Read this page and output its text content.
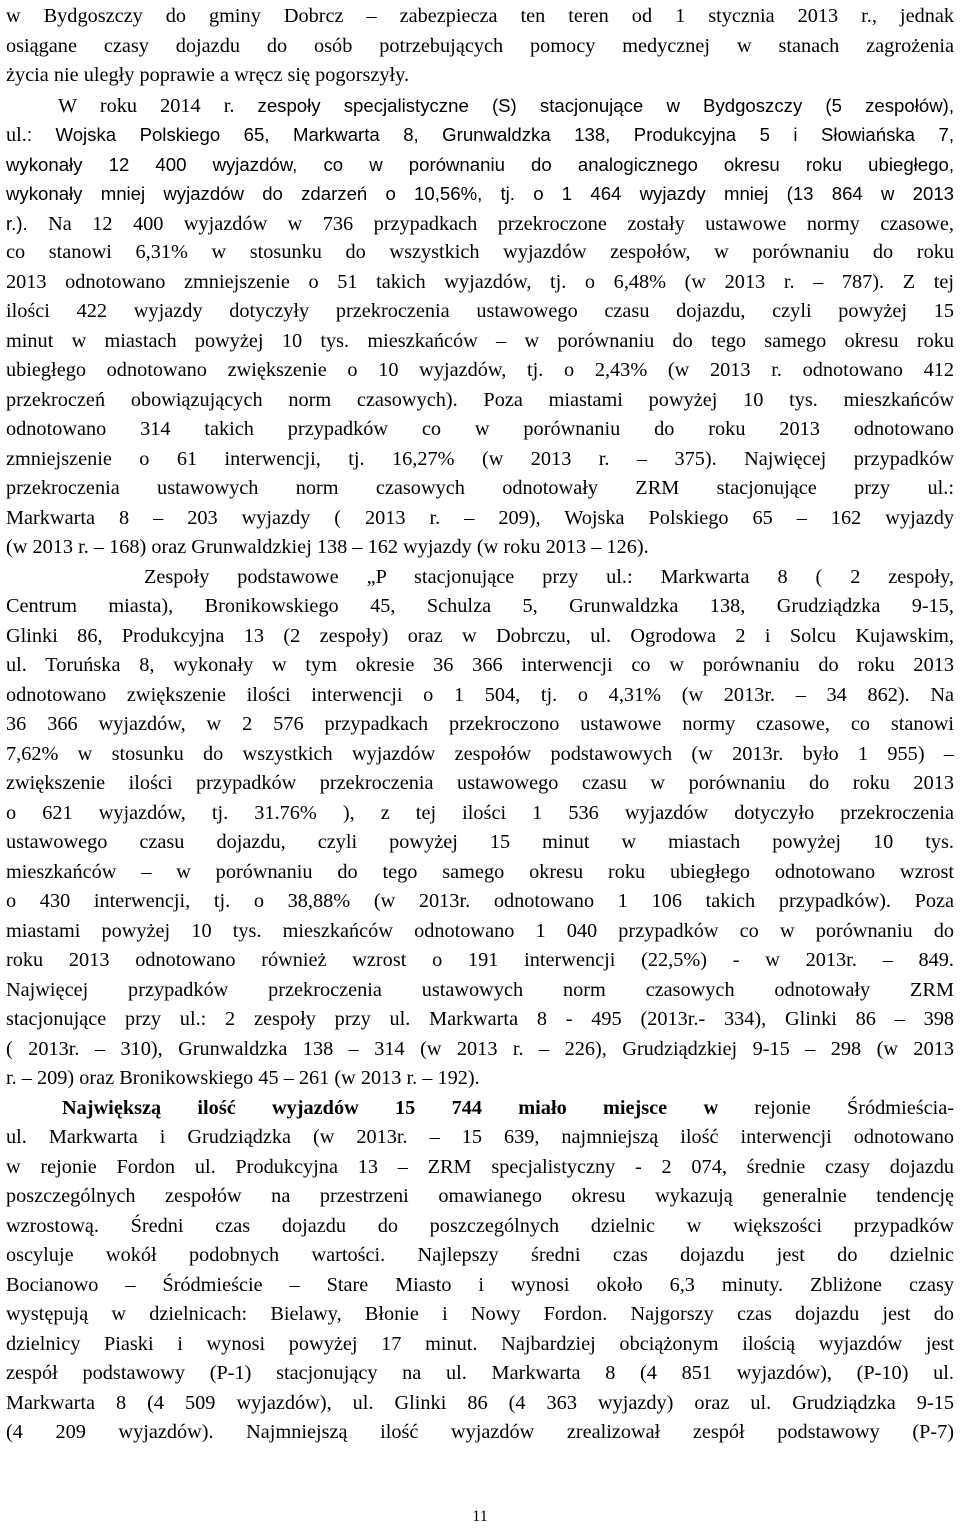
w Bydgoszczy do gminy Dobrcz – zabezpiecza ten teren od 1 stycznia 2013 r., jednak
osiągane czasy dojazdu do osób potrzebujących pomocy medycznej w stanach zagrożenia
życia nie uległy poprawie a wręcz się pogorszyły.
W roku 2014 r. zespoły specjalistyczne (S) stacjonujące w Bydgoszczy (5 zespołów),
ul.: Wojska Polskiego 65, Markwarta 8, Grunwaldzka 138, Produkcyjna 5 i Słowiańska 7,
wykonały 12 400 wyjazdów, co w porównaniu do analogicznego okresu roku ubiegłego,
wykonały mniej wyjazdów do zdarzeń o 10,56%, tj. o 1 464 wyjazdy mniej (13 864 w 2013
r.). Na 12 400 wyjazdów w 736 przypadkach przekroczone zostały ustawowe normy czasowe,
co stanowi 6,31% w stosunku do wszystkich wyjazdów zespołów, w porównaniu do roku
2013 odnotowano zmniejszenie o 51 takich wyjazdów, tj. o 6,48% (w 2013 r. – 787). Z tej
ilości 422 wyjazdy dotyczyły przekroczenia ustawowego czasu dojazdu, czyli powyżej 15
minut w miastach powyżej 10 tys. mieszkańców – w porównaniu do tego samego okresu roku
ubiegłego odnotowano zwiększenie o 10 wyjazdów, tj. o 2,43% (w 2013 r. odnotowano 412
przekroczeń obowiązujących norm czasowych). Poza miastami powyżej 10 tys. mieszkańców
odnotowano 314 takich przypadków co w porównaniu do roku 2013 odnotowano
zmniejszenie o 61 interwencji, tj. 16,27% (w 2013 r. – 375). Najwięcej przypadków
przekroczenia ustawowych norm czasowych odnotowały ZRM stacjonujące przy ul.:
Markwarta 8 – 203 wyjazdy ( 2013 r. – 209), Wojska Polskiego 65 – 162 wyjazdy
(w 2013 r. – 168) oraz Grunwaldzkiej 138 – 162 wyjazdy (w roku 2013 – 126).
Zespoły podstawowe „P stacjonujące przy ul.: Markwarta 8 ( 2 zespoły,
Centrum miasta), Bronikowskiego 45, Schulza 5, Grunwaldzka 138, Grudziądzka 9-15,
Glinki 86, Produkcyjna 13 (2 zespoły) oraz w Dobrczu, ul. Ogrodowa 2 i Solcu Kujawskim,
ul. Toruńska 8, wykonały w tym okresie 36 366 interwencji co w porównaniu do roku 2013
odnotowano zwiększenie ilości interwencji o 1 504, tj. o 4,31% (w 2013r. – 34 862). Na
36 366 wyjazdów, w 2 576 przypadkach przekroczono ustawowe normy czasowe, co stanowi
7,62% w stosunku do wszystkich wyjazdów zespołów podstawowych (w 2013r. było 1 955) –
zwiększenie ilości przypadków przekroczenia ustawowego czasu w porównaniu do roku 2013
o 621 wyjazdów, tj. 31.76% ), z tej ilości 1 536 wyjazdów dotyczyło przekroczenia
ustawowego czasu dojazdu, czyli powyżej 15 minut w miastach powyżej 10 tys.
mieszkańców – w porównaniu do tego samego okresu roku ubiegłego odnotowano wzrost
o 430 interwencji, tj. o 38,88% (w 2013r. odnotowano 1 106 takich przypadków). Poza
miastami powyżej 10 tys. mieszkańców odnotowano 1 040 przypadków co w porównaniu do
roku 2013 odnotowano również wzrost o 191 interwencji (22,5%) - w 2013r. – 849.
Najwięcej przypadków przekroczenia ustawowych norm czasowych odnotowały ZRM
stacjonujące przy ul.: 2 zespoły przy ul. Markwarta 8 - 495 (2013r.- 334), Glinki 86 – 398
( 2013r. – 310), Grunwaldzka 138 – 314 (w 2013 r. – 226), Grudziądzkiej 9-15 – 298 (w 2013
r. – 209) oraz Bronikowskiego 45 – 261 (w 2013 r. – 192).
Największą ilość wyjazdów 15 744 miało miejsce w rejonie Śródmieścia-
ul. Markwarta i Grudziądzka (w 2013r. – 15 639, najmniejszą ilość interwencji odnotowano
w rejonie Fordon ul. Produkcyjna 13 – ZRM specjalistyczny - 2 074, średnie czasy dojazdu
poszczególnych zespołów na przestrzeni omawianego okresu wykazują generalnie tendencję
wzrostową. Średni czas dojazdu do poszczególnych dzielnic w większości przypadków
oscyluje wokół podobnych wartości. Najlepszy średni czas dojazdu jest do dzielnic
Bocianowo – Śródmieście – Stare Miasto i wynosi około 6,3 minuty. Zbliżone czasy
występują w dzielnicach: Bielawy, Błonie i Nowy Fordon. Najgorszy czas dojazdu jest do
dzielnicy Piaski i wynosi powyżej 17 minut. Najbardziej obciążonym ilością wyjazdów jest
zespół podstawowy (P-1) stacjonujący na ul. Markwarta 8 (4 851 wyjazdów), (P-10) ul.
Markwarta 8 (4 509 wyjazdów), ul. Glinki 86 (4 363 wyjazdy) oraz ul. Grudziądzka 9-15
(4 209 wyjazdów). Najmniejszą ilość wyjazdów zrealizował zespół podstawowy (P-7)
11
